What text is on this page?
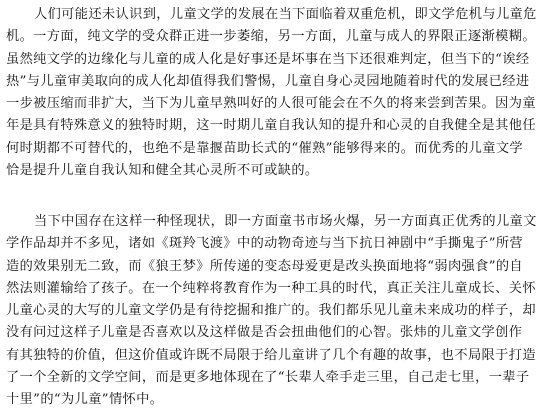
人们可能还未认识到，儿童文学的发展在当下面临着双重危机，即文学危机与儿童危
机。一方面，纯文学的受众群正进一步萎缩，另一方面，儿童与成人的界限正逐渐模糊。
虽然纯文学的边缘化与儿童的成人化是好事还是坏事在当下还很难判定，但当下的“诶经
热”与儿童审美取向的成人化却值得我们警惕，儿童自身心灵园地随着时代的发展已经进
一步被压缩而非扩大，当下为儿童早熟叫好的人很可能会在不久的将来尝到苦果。因为童
年是具有特殊意义的独特时期，这一时期儿童自我认知的提升和心灵的自我健全是其他任
何时期都不可替代的，也绝不是靠揠苗助长式的“催熟”能够得来的。而优秀的儿童文学
恰是提升儿童自我认知和健全其心灵所不可或缺的。
当下中国存在这样一种怪现状，即一方面童书市场火爆，另一方面真正优秀的儿童文
学作品却并不多见，诸如《斑羚飞渡》中的动物奇迹与当下抗日神剧中“手撕鬼子”所营
造的效果别无二致，而《狼王梦》所传递的变态母爱更是改头换面地将“弱肉强食”的自
然法则灌输给了孩子。在一个纯粹将教育作为一种工具的时代，真正关注儿童成长、关怀
儿童心灵的大写的儿童文学仍是有待挖掘和推广的。我们都乐见儿童未来成功的样子，却
没有问过这样子儿童是否喜欢以及这样做是否会扭曲他们的心智。张炜的儿童文学创作
有其独特的价值，但这价值或许既不局限于给儿童讲了几个有趣的故事，也不局限于打造
了一个全新的文学空间，而是更多地体现在了“长辈人牵手走三里，自己走七里，一辈子
十里”的“为儿童”情怀中。
